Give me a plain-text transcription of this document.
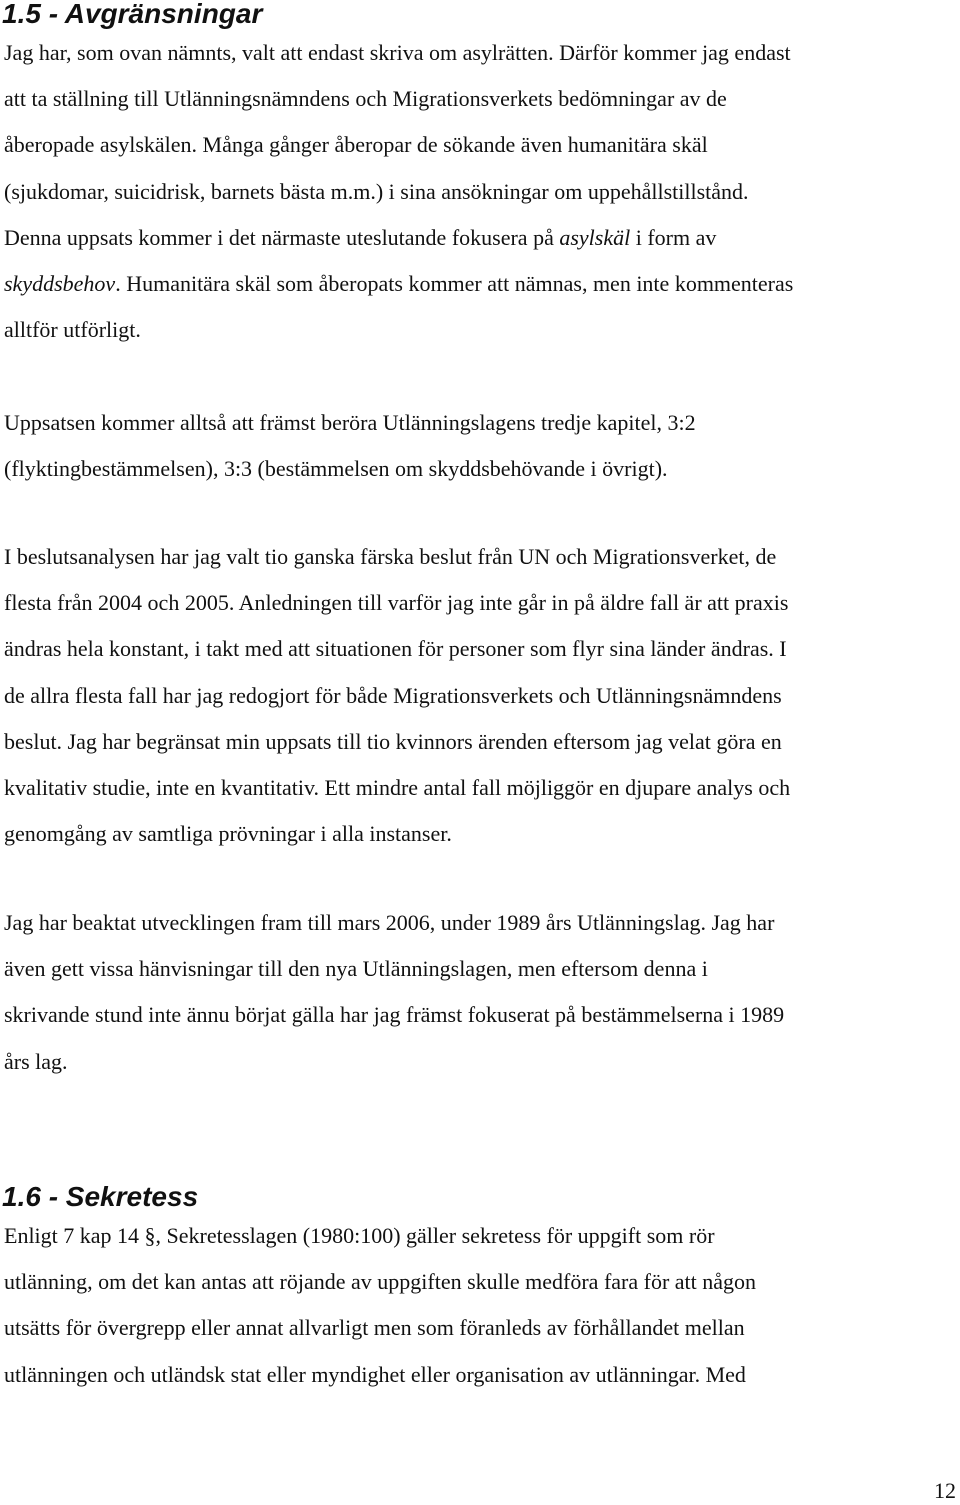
1.5 - Avgränsningar

Jag har, som ovan nämnts, valt att endast skriva om asylrätten. Därför kommer jag endast
att ta ställning till Utlänningsnämndens och Migrationsverkets bedömningar av de
åberopade asylskälen. Många gånger åberopar de sökande även humanitära skäl
(sjukdomar, suicidrisk, barnets bästa m.m.) i sina ansökningar om uppehållstillstånd.
Denna uppsats kommer i det närmaste uteslutande fokusera på asylskäl i form av
skyddsbehov. Humanitära skäl som åberopats kommer att nämnas, men inte kommenteras
alltför utförligt.

Uppsatsen kommer alltså att främst beröra Utlänningslagens tredje kapitel, 3:2
(flyktingbestämmelsen), 3:3 (bestämmelsen om skyddsbehövande i övrigt).

I beslutsanalysen har jag valt tio ganska färska beslut från UN och Migrationsverket, de
flesta från 2004 och 2005. Anledningen till varför jag inte går in på äldre fall är att praxis
ändras hela konstant, i takt med att situationen för personer som flyr sina länder ändras. I
de allra flesta fall har jag redogjort för både Migrationsverkets och Utlänningsnämndens
beslut. Jag har begränsat min uppsats till tio kvinnors ärenden eftersom jag velat göra en
kvalitativ studie, inte en kvantitativ. Ett mindre antal fall möjliggör en djupare analys och
genomgång av samtliga prövningar i alla instanser.

Jag har beaktat utvecklingen fram till mars 2006, under 1989 års Utlänningslag. Jag har
även gett vissa hänvisningar till den nya Utlänningslagen, men eftersom denna i
skrivande stund inte ännu börjat gälla har jag främst fokuserat på bestämmelserna i 1989
års lag.

1.6 - Sekretess

Enligt 7 kap 14 §, Sekretesslagen (1980:100) gäller sekretess för uppgift som rör
utlänning, om det kan antas att röjande av uppgiften skulle medföra fara för att någon
utsätts för övergrepp eller annat allvarligt men som föranleds av förhållandet mellan
utlänningen och utländsk stat eller myndighet eller organisation av utlänningar. Med

12
